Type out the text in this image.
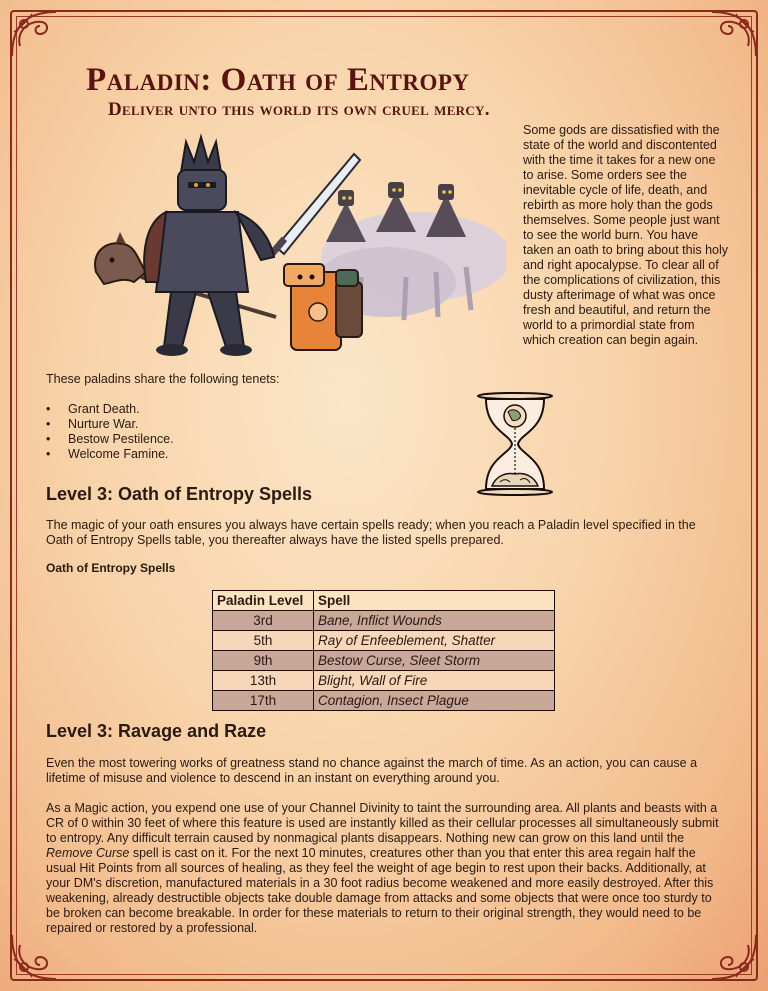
Paladin: Oath of Entropy
Deliver unto this world its own cruel mercy.
Some gods are dissatisfied with the state of the world and discontented with the time it takes for a new one to arise. Some orders see the inevitable cycle of life, death, and rebirth as more holy than the gods themselves. Some people just want to see the world burn. You have taken an oath to bring about this holy and right apocalypse. To clear all of the complications of civilization, this dusty afterimage of what was once fresh and beautiful, and return the world to a primordial state from which creation can begin again.
These paladins share the following tenets:
•	Grant Death.
•	Nurture War.
•	Bestow Pestilence.
•	Welcome Famine.
Level 3: Oath of Entropy Spells
The magic of your oath ensures you always have certain spells ready; when you reach a Paladin level specified in the Oath of Entropy Spells table, you thereafter always have the listed spells prepared.
Oath of Entropy Spells
Paladin Level	Spell
3rd	Bane, Inflict Wounds
5th	Ray of Enfeeblement, Shatter
9th	Bestow Curse, Sleet Storm
13th	Blight, Wall of Fire
17th	Contagion, Insect Plague
Level 3: Ravage and Raze
Even the most towering works of greatness stand no chance against the march of time. As an action, you can cause a lifetime of misuse and violence to descend in an instant on everything around you.
As a Magic action, you expend one use of your Channel Divinity to taint the surrounding area. All plants and beasts with a CR of 0 within 30 feet of where this feature is used are instantly killed as their cellular processes all simultaneously submit to entropy. Any difficult terrain caused by nonmagical plants disappears. Nothing new can grow on this land until the Remove Curse spell is cast on it. For the next 10 minutes, creatures other than you that enter this area regain half the usual Hit Points from all sources of healing, as they feel the weight of age begin to rest upon their backs. Additionally, at your DM's discretion, manufactured materials in a 30 foot radius become weakened and more easily destroyed. After this weakening, already destructible objects take double damage from attacks and some objects that were once too sturdy to be broken can become breakable. In order for these materials to return to their original strength, they would need to be repaired or restored by a professional.
